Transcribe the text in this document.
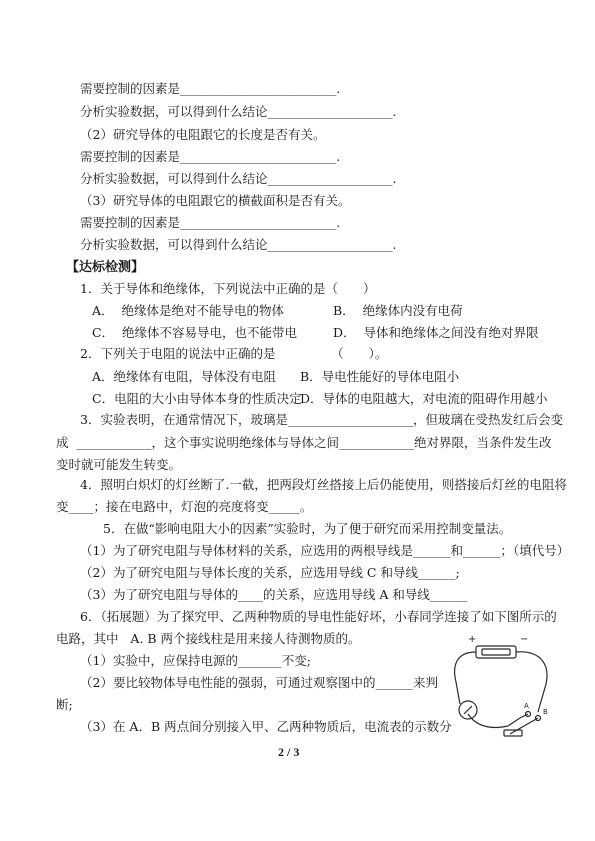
需要控制的因素是_________________________.
分析实验数据，可以得到什么结论____________________.
（2）研究导体的电阻跟它的长度是否有关。
需要控制的因素是_________________________.
分析实验数据，可以得到什么结论____________________.
（3）研究导体的电阻跟它的横截面积是否有关。
需要控制的因素是_________________________.
分析实验数据，可以得到什么结论____________________.
【达标检测】
1．关于导体和绝缘体，下列说法中正确的是（　　）
A．  绝缘体是绝对不能导电的物体	B．  绝缘体内没有电荷
C．  绝缘体不容易导电，也不能带电	D．  导体和绝缘体之间没有绝对界限
2．下列关于电阻的说法中正确的是              （　　）。
A．绝缘体有电阻，导体没有电阻 B．导电性能好的导体电阻小
C．电阻的大小由导体本身的性质决定
D．导体的电阻越大，对电流的阻碍作用越小
3．实验表明，在通常情况下，玻璃是____________________，但玻璃在受热发红后会变
成  ____________，这个事实说明绝缘体与导体之间____________绝对界限，当条件发生改
变时就可能发生转变。
4．照明白炽灯的灯丝断了.一截，把两段灯丝搭接上后仍能使用，则搭接后灯丝的电阻将
变____；接在电路中，灯泡的亮度将变_____。
5．在做“影响电阻大小的因素”实验时，为了便于研究而采用控制变量法。
（1）为了研究电阻与导体材料的关系，应选用的两根导线是______和______；（填代号）
（2）为了研究电阻与导体长度的关系，应选用导线 C 和导线______;
（3）为了研究电阻与导体的____的关系，应选用导线 A 和导线______
6．（拓展题）为了探究甲、乙两种物质的导电性能好坏，小春同学连接了如下图所示的
电路，其中   A. B 两个接线柱是用来接人待测物质的。
（1）实验中，应保持电源的_______不变;
（2）要比较物体导电性能的强弱，可通过观察图中的______来判
断;
（3）在 A．B 两点间分别接入甲、乙两种物质后，电流表的示数分
+	−
A
B
2 / 3
